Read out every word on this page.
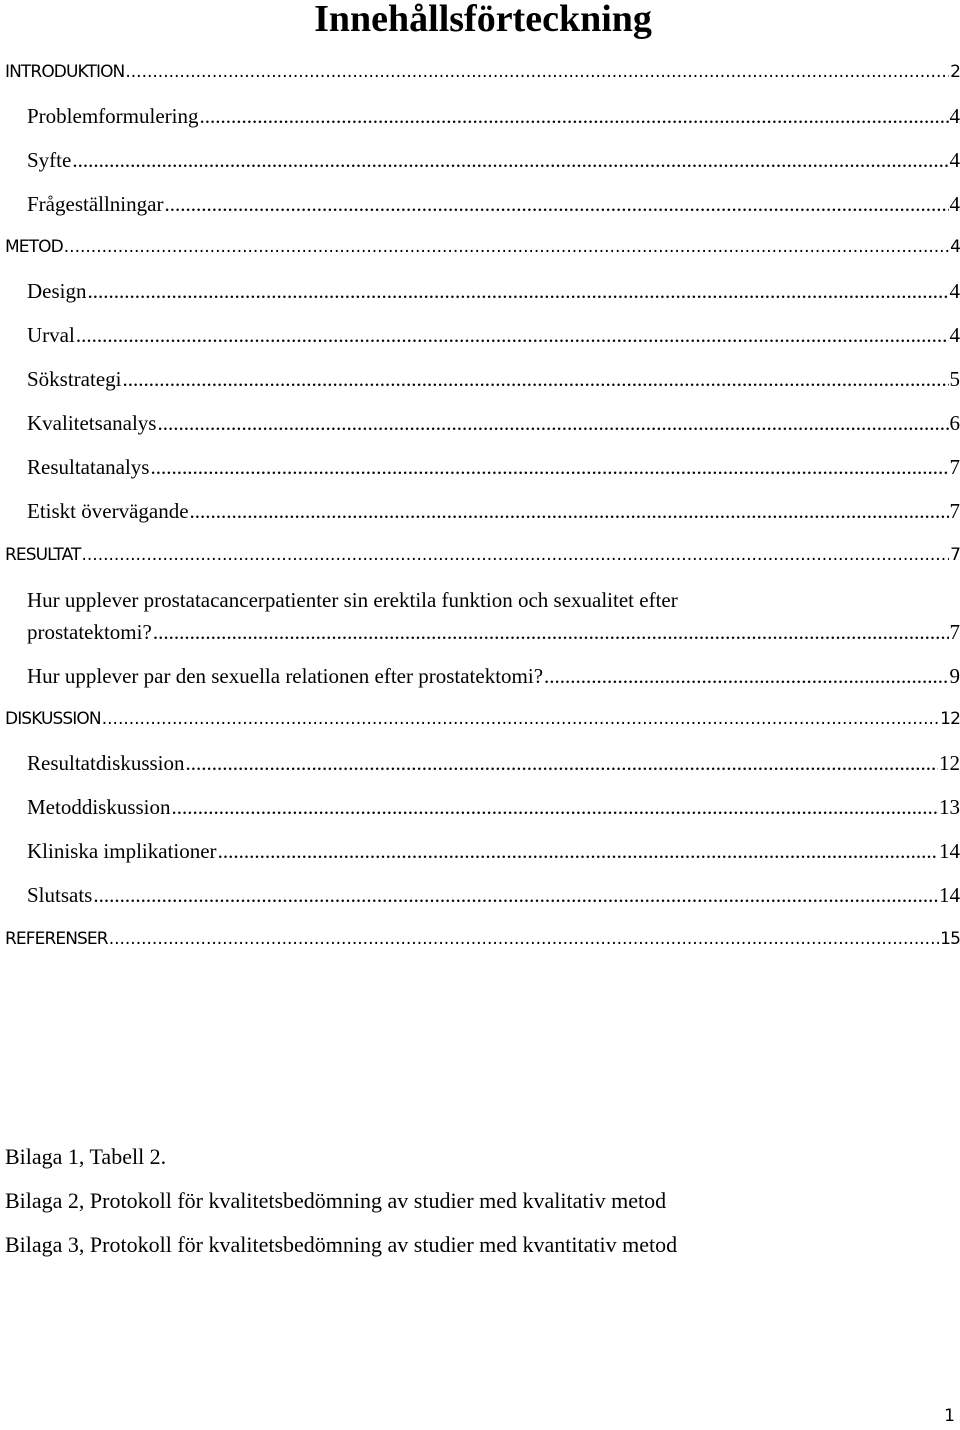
Innehållsförteckning
INTRODUKTION .....	2
Problemformulering .....	4
Syfte .....	4
Frågeställningar .....	4
METOD .....	4
Design .....	4
Urval .....	4
Sökstrategi .....	5
Kvalitetsanalys .....	6
Resultatanalys .....	7
Etiskt övervägande .....	7
RESULTAT .....	7
Hur upplever prostatacancerpatienter sin erektila funktion och sexualitet efter
prostatektomi? .....	7
Hur upplever par den sexuella relationen efter prostatektomi? .....	9
DISKUSSION .....	12
Resultatdiskussion .....	12
Metoddiskussion .....	13
Kliniska implikationer .....	14
Slutsats .....	14
REFERENSER .....	15
Bilaga 1, Tabell 2.
Bilaga 2, Protokoll för kvalitetsbedömning av studier med kvalitativ metod
Bilaga 3, Protokoll för kvalitetsbedömning av studier med kvantitativ metod
1
